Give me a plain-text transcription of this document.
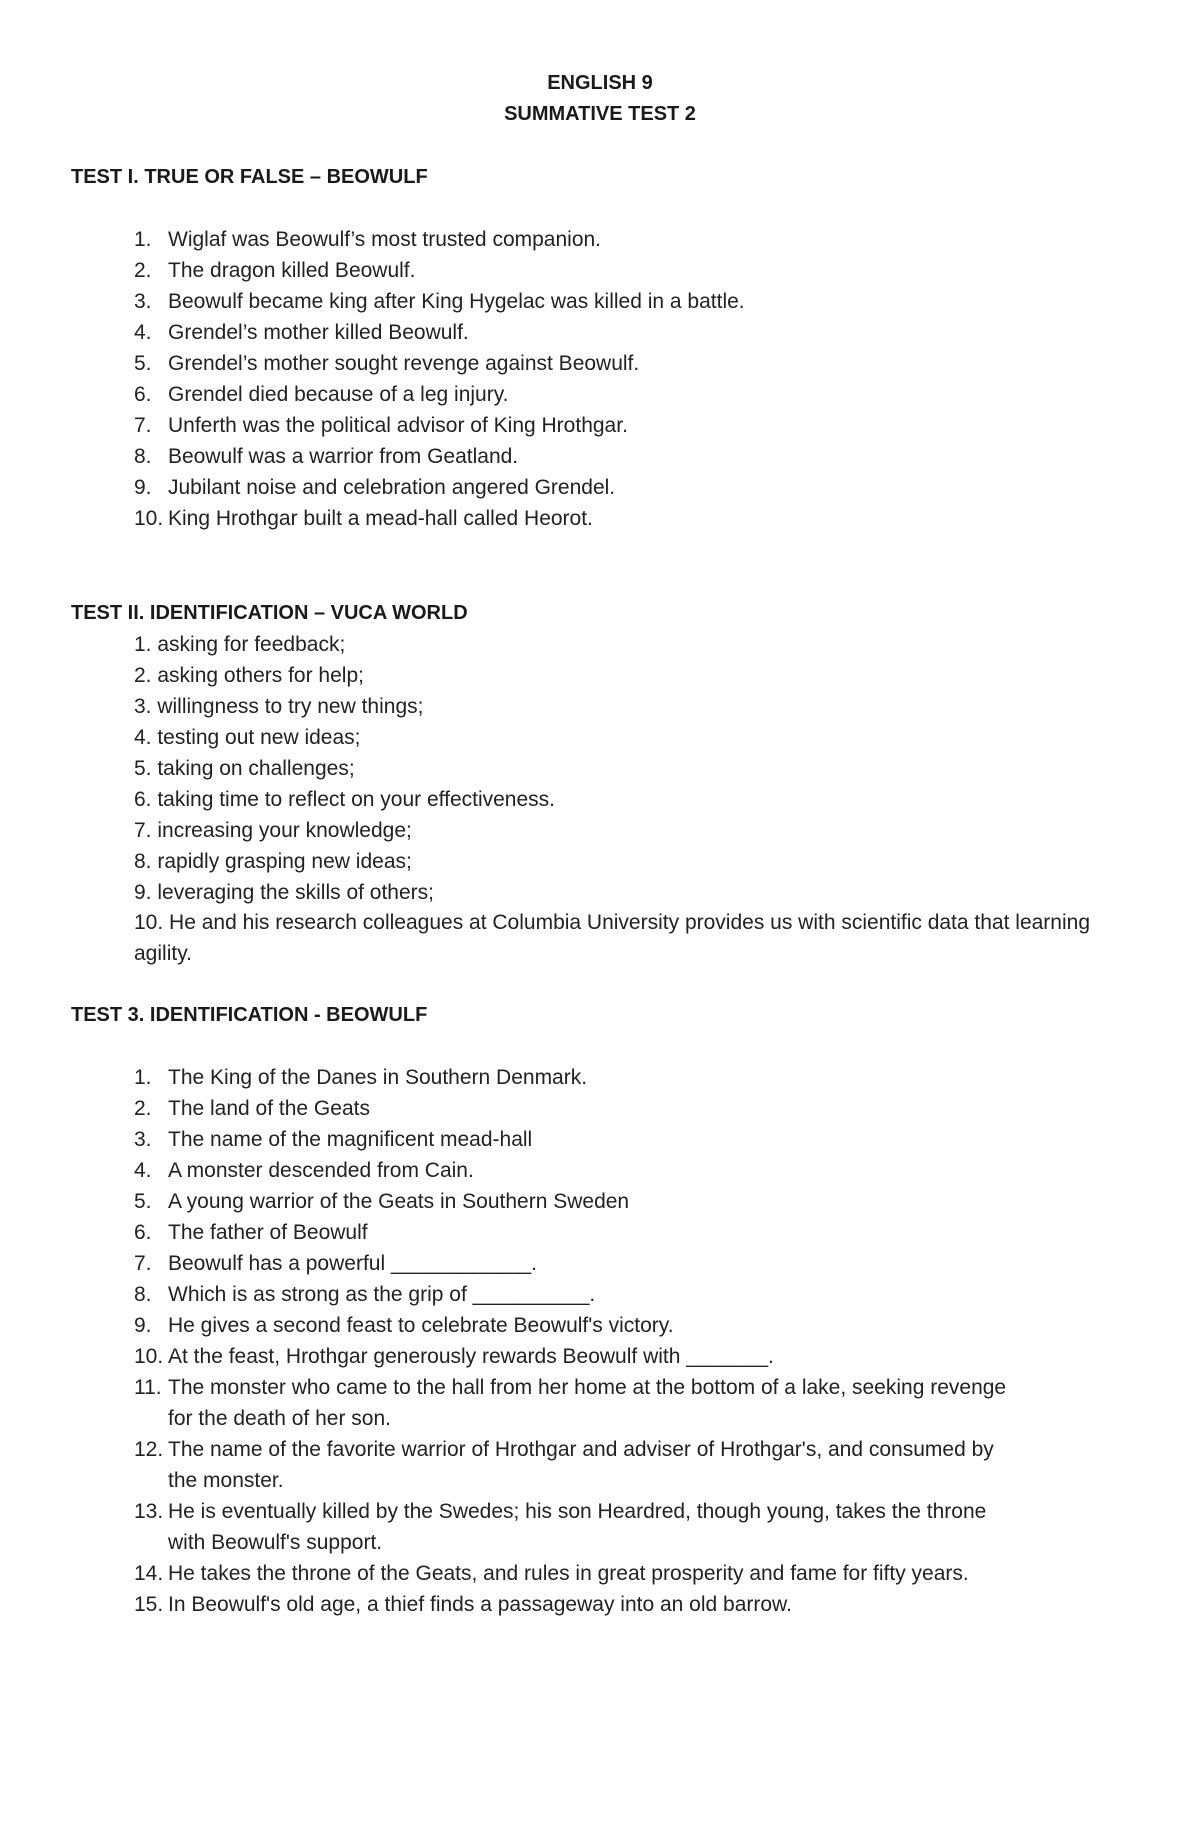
ENGLISH 9
SUMMATIVE TEST 2
TEST I. TRUE OR FALSE – BEOWULF
1. Wiglaf was Beowulf’s most trusted companion.
2. The dragon killed Beowulf.
3. Beowulf became king after King Hygelac was killed in a battle.
4. Grendel’s mother killed Beowulf.
5. Grendel’s mother sought revenge against Beowulf.
6. Grendel died because of a leg injury.
7. Unferth was the political advisor of King Hrothgar.
8. Beowulf was a warrior from Geatland.
9. Jubilant noise and celebration angered Grendel.
10. King Hrothgar built a mead-hall called Heorot.
TEST II. IDENTIFICATION – VUCA WORLD
1. asking for feedback;
2. asking others for help;
3. willingness to try new things;
4. testing out new ideas;
5. taking on challenges;
6. taking time to reflect on your effectiveness.
7. increasing your knowledge;
8. rapidly grasping new ideas;
9. leveraging the skills of others;
10. He and his research colleagues at Columbia University provides us with scientific data that learning agility.
TEST 3. IDENTIFICATION - BEOWULF
1. The King of the Danes in Southern Denmark.
2. The land of the Geats
3. The name of the magnificent mead-hall
4. A monster descended from Cain.
5. A young warrior of the Geats in Southern Sweden
6. The father of Beowulf
7. Beowulf has a powerful ____________.
8. Which is as strong as the grip of __________.
9. He gives a second feast to celebrate Beowulf's victory.
10. At the feast, Hrothgar generously rewards Beowulf with _______.
11. The monster who came to the hall from her home at the bottom of a lake, seeking revenge
for the death of her son.
12. The name of the favorite warrior of Hrothgar and adviser of Hrothgar's, and consumed by
the monster.
13. He is eventually killed by the Swedes; his son Heardred, though young, takes the throne
with Beowulf's support.
14. He takes the throne of the Geats, and rules in great prosperity and fame for fifty years.
15. In Beowulf's old age, a thief finds a passageway into an old barrow.
